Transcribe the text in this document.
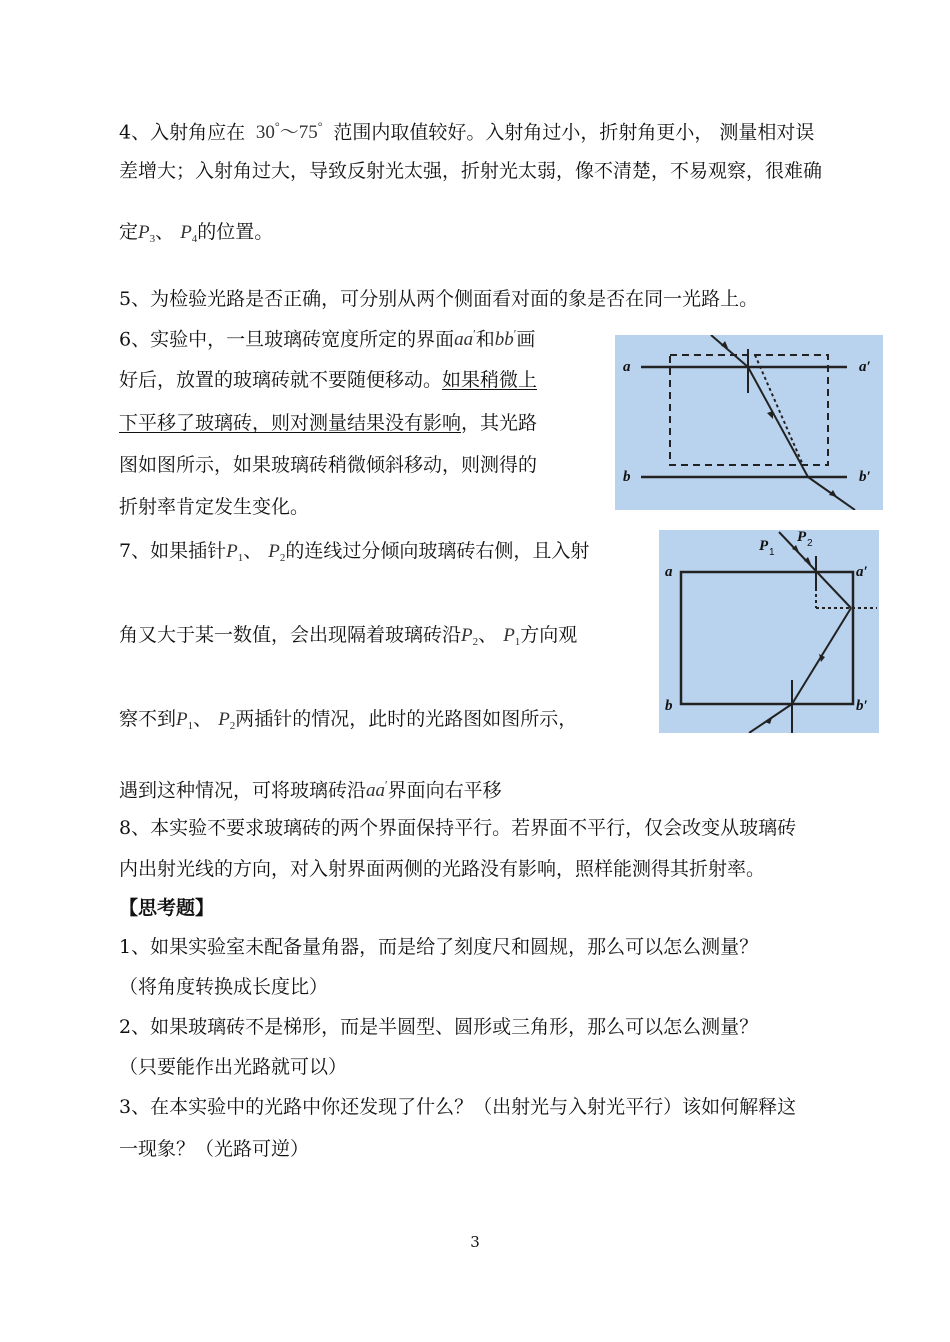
4、入射角应在 30°～75° 范围内取值较好。入射角过小，折射角更小， 测量相对误
差增大；入射角过大，导致反射光太强，折射光太弱，像不清楚，不易观察，很难确
定$P_3$、 $P_4$的位置。
5、为检验光路是否正确，可分别从两个侧面看对面的象是否在同一光路上。
6、实验中，一旦玻璃砖宽度所定的界面aa′和bb′画
好后，放置的玻璃砖就不要随便移动。如果稍微上
下平移了玻璃砖，则对测量结果没有影响，其光路
图如图所示，如果玻璃砖稍微倾斜移动，则测得的
折射率肯定发生变化。
a	a′
b	b′
7、如果插针$P_1$、 $P_2$的连线过分倾向玻璃砖右侧，且入射
角又大于某一数值，会出现隔着玻璃砖沿$P_2$、 $P_1$方向观
察不到$P_1$、 $P_2$两插针的情况，此时的光路图如图所示，
遇到这种情况，可将玻璃砖沿aa′界面向右平移
P 1
P 2
a	a′
b	b′
8、本实验不要求玻璃砖的两个界面保持平行。若界面不平行，仅会改变从玻璃砖
内出射光线的方向，对入射界面两侧的光路没有影响，照样能测得其折射率。
【思考题】
1、如果实验室未配备量角器，而是给了刻度尺和圆规，那么可以怎么测量？
（将角度转换成长度比）
2、如果玻璃砖不是梯形，而是半圆型、圆形或三角形，那么可以怎么测量？
（只要能作出光路就可以）
3、在本实验中的光路中你还发现了什么？（出射光与入射光平行）该如何解释这
一现象？（光路可逆）
3
